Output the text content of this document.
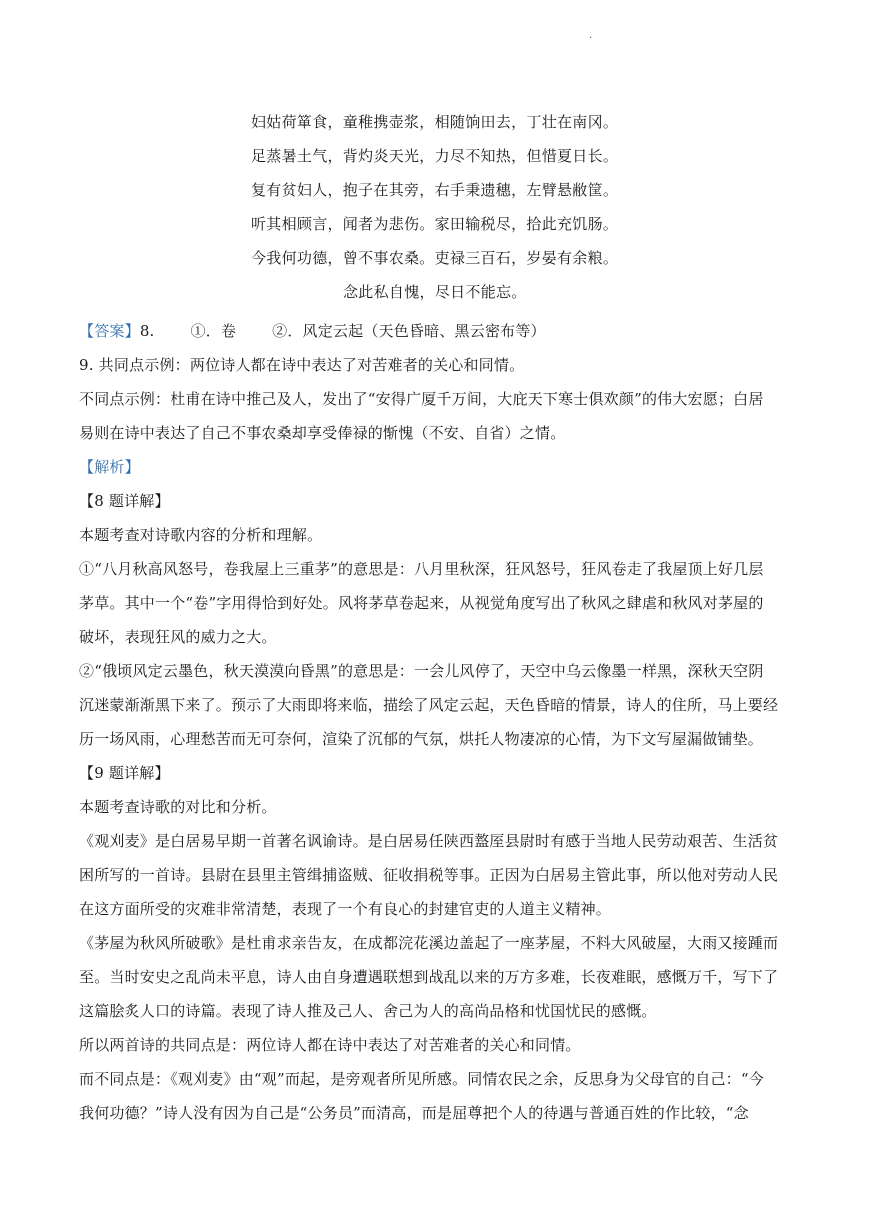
.
妇姑荷箪食，童稚携壶浆，相随饷田去，丁壮在南冈。
足蒸暑土气，背灼炎天光，力尽不知热，但惜夏日长。
复有贫妇人，抱子在其旁，右手秉遗穗，左臂悬敝筐。
听其相顾言，闻者为悲伤。家田输税尽，拾此充饥肠。
今我何功德，曾不事农桑。吏禄三百石，岁晏有余粮。
念此私自愧，尽日不能忘。

【答案】8. ①．卷 ②．风定云起（天色昏暗、黑云密布等）

9. 共同点示例：两位诗人都在诗中表达了对苦难者的关心和同情。

不同点示例：杜甫在诗中推己及人，发出了“安得广厦千万间，大庇天下寒士俱欢颜”的伟大宏愿；白居

易则在诗中表达了自己不事农桑却享受俸禄的惭愧（不安、自省）之情。

【解析】

【8 题详解】

本题考查对诗歌内容的分析和理解。

①“八月秋高风怒号，卷我屋上三重茅”的意思是：八月里秋深，狂风怒号，狂风卷走了我屋顶上好几层

茅草。其中一个“卷”字用得恰到好处。风将茅草卷起来，从视觉角度写出了秋风之肆虐和秋风对茅屋的

破坏，表现狂风的威力之大。

②“俄顷风定云墨色，秋天漠漠向昏黑”的意思是：一会儿风停了，天空中乌云像墨一样黑，深秋天空阴

沉迷蒙渐渐黑下来了。预示了大雨即将来临，描绘了风定云起，天色昏暗的情景，诗人的住所，马上要经

历一场风雨，心理愁苦而无可奈何，渲染了沉郁的气氛，烘托人物凄凉的心情，为下文写屋漏做铺垫。

【9 题详解】

本题考查诗歌的对比和分析。

《观刈麦》是白居易早期一首著名讽谕诗。是白居易任陕西盩厔县尉时有感于当地人民劳动艰苦、生活贫

困所写的一首诗。县尉在县里主管缉捕盗贼、征收捐税等事。正因为白居易主管此事，所以他对劳动人民

在这方面所受的灾难非常清楚，表现了一个有良心的封建官吏的人道主义精神。

《茅屋为秋风所破歌》是杜甫求亲告友，在成都浣花溪边盖起了一座茅屋，不料大风破屋，大雨又接踵而

至。当时安史之乱尚未平息，诗人由自身遭遇联想到战乱以来的万方多难，长夜难眠，感慨万千，写下了

这篇脍炙人口的诗篇。表现了诗人推及己人、舍己为人的高尚品格和忧国忧民的感慨。

所以两首诗的共同点是：两位诗人都在诗中表达了对苦难者的关心和同情。

而不同点是：《观刈麦》由“观”而起，是旁观者所见所感。同情农民之余，反思身为父母官的自己：“今

我何功德？”诗人没有因为自己是“公务员”而清高，而是屈尊把个人的待遇与普通百姓的作比较，“念
